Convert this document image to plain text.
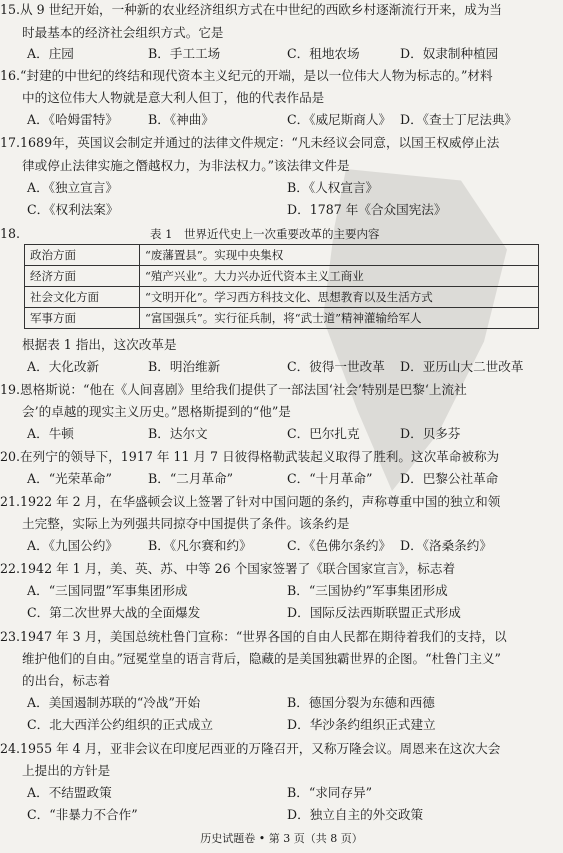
15.从 9 世纪开始，一种新的农业经济组织方式在中世纪的西欧乡村逐渐流行开来，成为当
时最基本的经济社会组织方式。它是
A．庄园	B．手工工场	C．租地农场	D．奴隶制种植园
16.“封建的中世纪的终结和现代资本主义纪元的开端，是以一位伟大人物为标志的。”材料
中的这位伟大人物就是意大利人但丁，他的代表作品是
A．《哈姆雷特》 B．《神曲》	C．《威尼斯商人》 D．《查士丁尼法典》
17.1689年，英国议会制定并通过的法律文件规定：“凡未经议会同意，以国王权威停止法
律或停止法律实施之僭越权力，为非法权力。”该法律文件是
A．《独立宣言》	B．《人权宣言》
C．《权利法案》	D．1787 年《合众国宪法》
18.	表 1　世界近代史上一次重要改革的主要内容
政治方面	“废藩置县”。实现中央集权
经济方面	“殖产兴业”。大力兴办近代资本主义工商业
社会文化方面	“文明开化”。学习西方科技文化、思想教育以及生活方式
军事方面	“富国强兵”。实行征兵制，将“武士道”精神灌输给军人
根据表 1 指出，这次改革是
A．大化改新	B．明治维新	C．彼得一世改革 D．亚历山大二世改革
19.恩格斯说：“他在《人间喜剧》里给我们提供了一部法国‘社会’特别是巴黎‘上流社
会’的卓越的现实主义历史。”恩格斯提到的“他”是
A．牛顿	B．达尔文	C．巴尔扎克	D．贝多芬
20.在列宁的领导下，1917 年 11 月 7 日彼得格勒武装起义取得了胜利。这次革命被称为
A．“光荣革命”	B．“二月革命”	C．“十月革命” D．巴黎公社革命
21.1922 年 2 月，在华盛顿会议上签署了针对中国问题的条约，声称尊重中国的独立和领
土完整，实际上为列强共同掠夺中国提供了条件。该条约是
A．《九国公约》 B．《凡尔赛和约》	C．《色佛尔条约》 D．《洛桑条约》
22.1942 年 1 月，美、英、苏、中等 26 个国家签署了《联合国家宣言》，标志着
A．“三国同盟”军事集团形成	B．“三国协约”军事集团形成
C．第二次世界大战的全面爆发	D．国际反法西斯联盟正式形成
23.1947 年 3 月，美国总统杜鲁门宣称：“世界各国的自由人民都在期待着我们的支持，以
维护他们的自由。”冠冕堂皇的语言背后，隐藏的是美国独霸世界的企图。“杜鲁门主义”
的出台，标志着
A．美国遏制苏联的“冷战”开始	B．德国分裂为东德和西德
C．北大西洋公约组织的正式成立	D．华沙条约组织正式建立
24.1955 年 4 月，亚非会议在印度尼西亚的万隆召开，又称万隆会议。周恩来在这次大会
上提出的方针是
A．不结盟政策	B．“求同存异”
C．“非暴力不合作”	D．独立自主的外交政策
历史试题卷 • 第 3 页（共 8 页）
